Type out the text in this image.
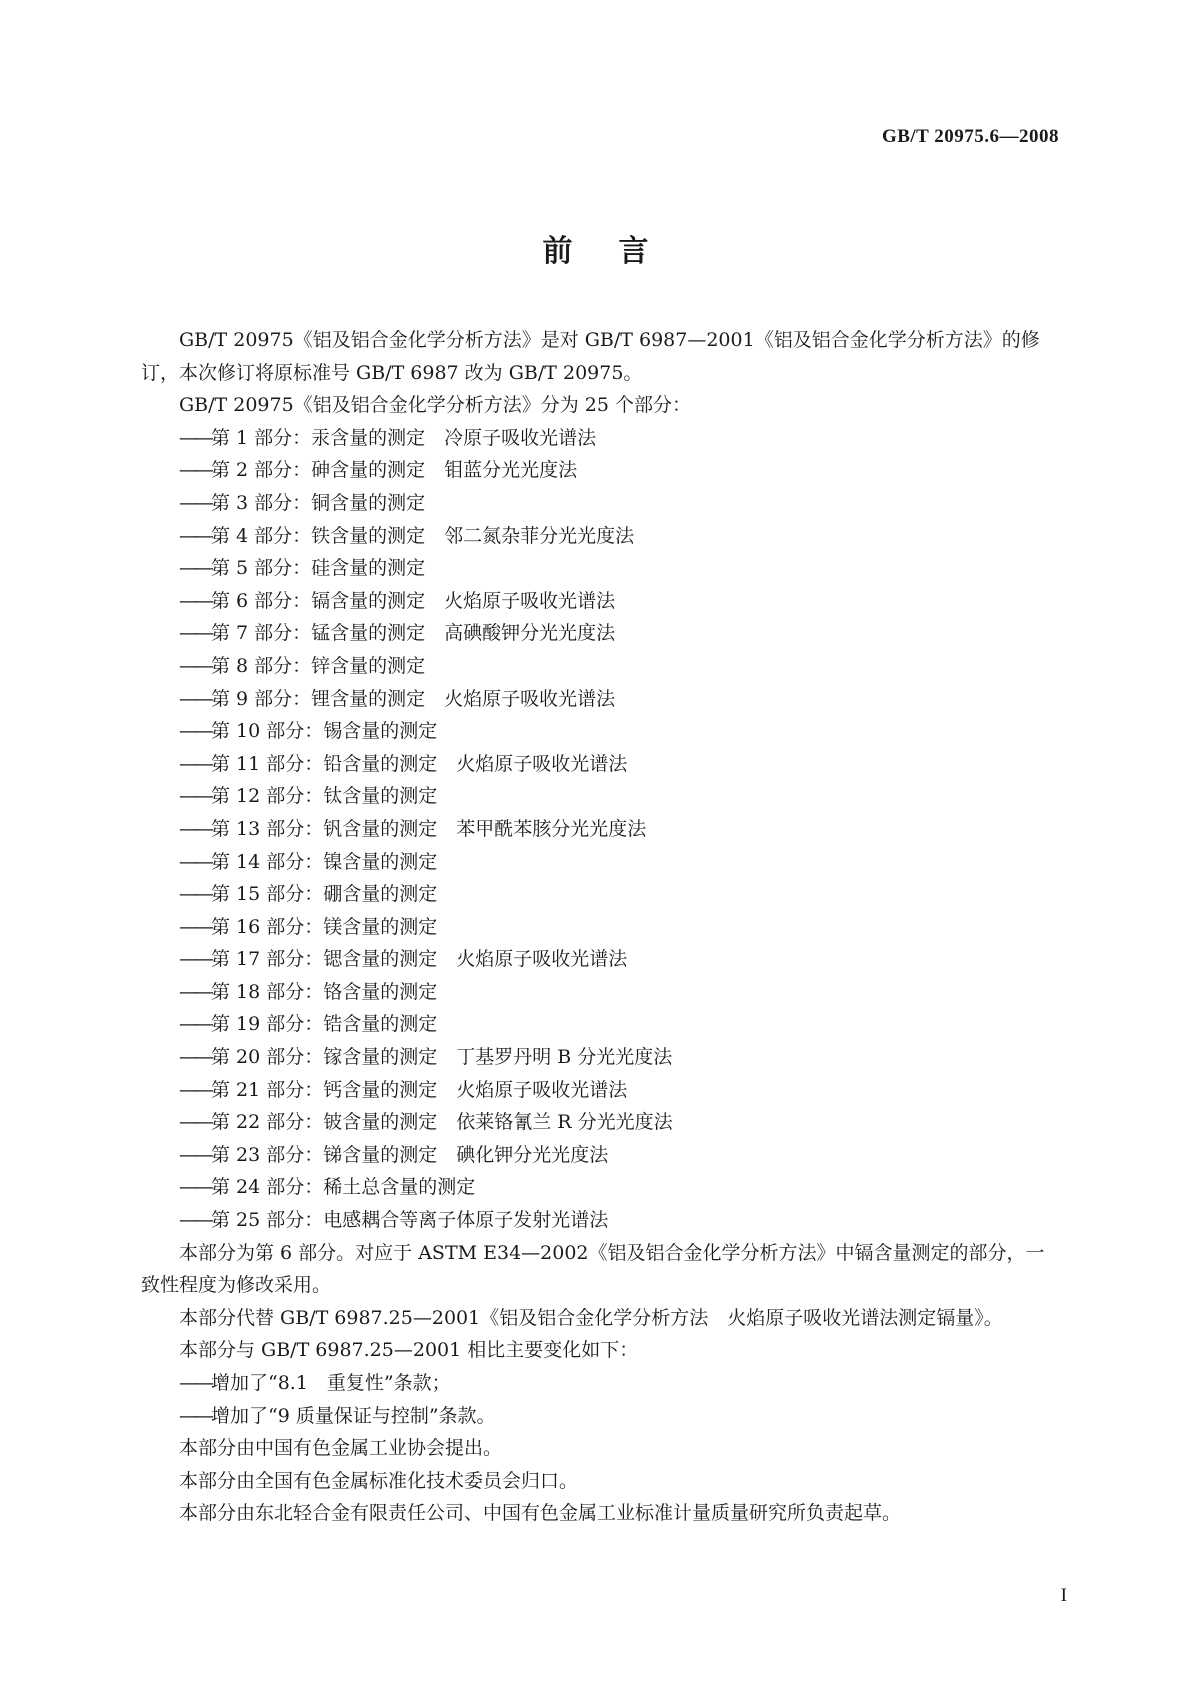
GB/T 20975.6—2008
前言

GB/T 20975《铝及铝合金化学分析方法》是对 GB/T 6987—2001《铝及铝合金化学分析方法》的修订，本次修订将原标准号 GB/T 6987 改为 GB/T 20975。

GB/T 20975《铝及铝合金化学分析方法》分为 25 个部分：

——第 1 部分：汞含量的测定　冷原子吸收光谱法

——第 2 部分：砷含量的测定　钼蓝分光光度法

——第 3 部分：铜含量的测定

——第 4 部分：铁含量的测定　邻二氮杂菲分光光度法

——第 5 部分：硅含量的测定

——第 6 部分：镉含量的测定　火焰原子吸收光谱法

——第 7 部分：锰含量的测定　高碘酸钾分光光度法

——第 8 部分：锌含量的测定

——第 9 部分：锂含量的测定　火焰原子吸收光谱法

——第 10 部分：锡含量的测定

——第 11 部分：铅含量的测定　火焰原子吸收光谱法

——第 12 部分：钛含量的测定

——第 13 部分：钒含量的测定　苯甲酰苯胲分光光度法

——第 14 部分：镍含量的测定

——第 15 部分：硼含量的测定

——第 16 部分：镁含量的测定

——第 17 部分：锶含量的测定　火焰原子吸收光谱法

——第 18 部分：铬含量的测定

——第 19 部分：锆含量的测定

——第 20 部分：镓含量的测定　丁基罗丹明 B 分光光度法

——第 21 部分：钙含量的测定　火焰原子吸收光谱法

——第 22 部分：铍含量的测定　依莱铬氰兰 R 分光光度法

——第 23 部分：锑含量的测定　碘化钾分光光度法

——第 24 部分：稀土总含量的测定

——第 25 部分：电感耦合等离子体原子发射光谱法

本部分为第 6 部分。对应于 ASTM E34—2002《铝及铝合金化学分析方法》中镉含量测定的部分，一致性程度为修改采用。

本部分代替 GB/T 6987.25—2001《铝及铝合金化学分析方法　火焰原子吸收光谱法测定镉量》。

本部分与 GB/T 6987.25—2001 相比主要变化如下：

——增加了“8.1　重复性”条款；

——增加了“9 质量保证与控制”条款。

本部分由中国有色金属工业协会提出。

本部分由全国有色金属标准化技术委员会归口。

本部分由东北轻合金有限责任公司、中国有色金属工业标准计量质量研究所负责起草。

I
